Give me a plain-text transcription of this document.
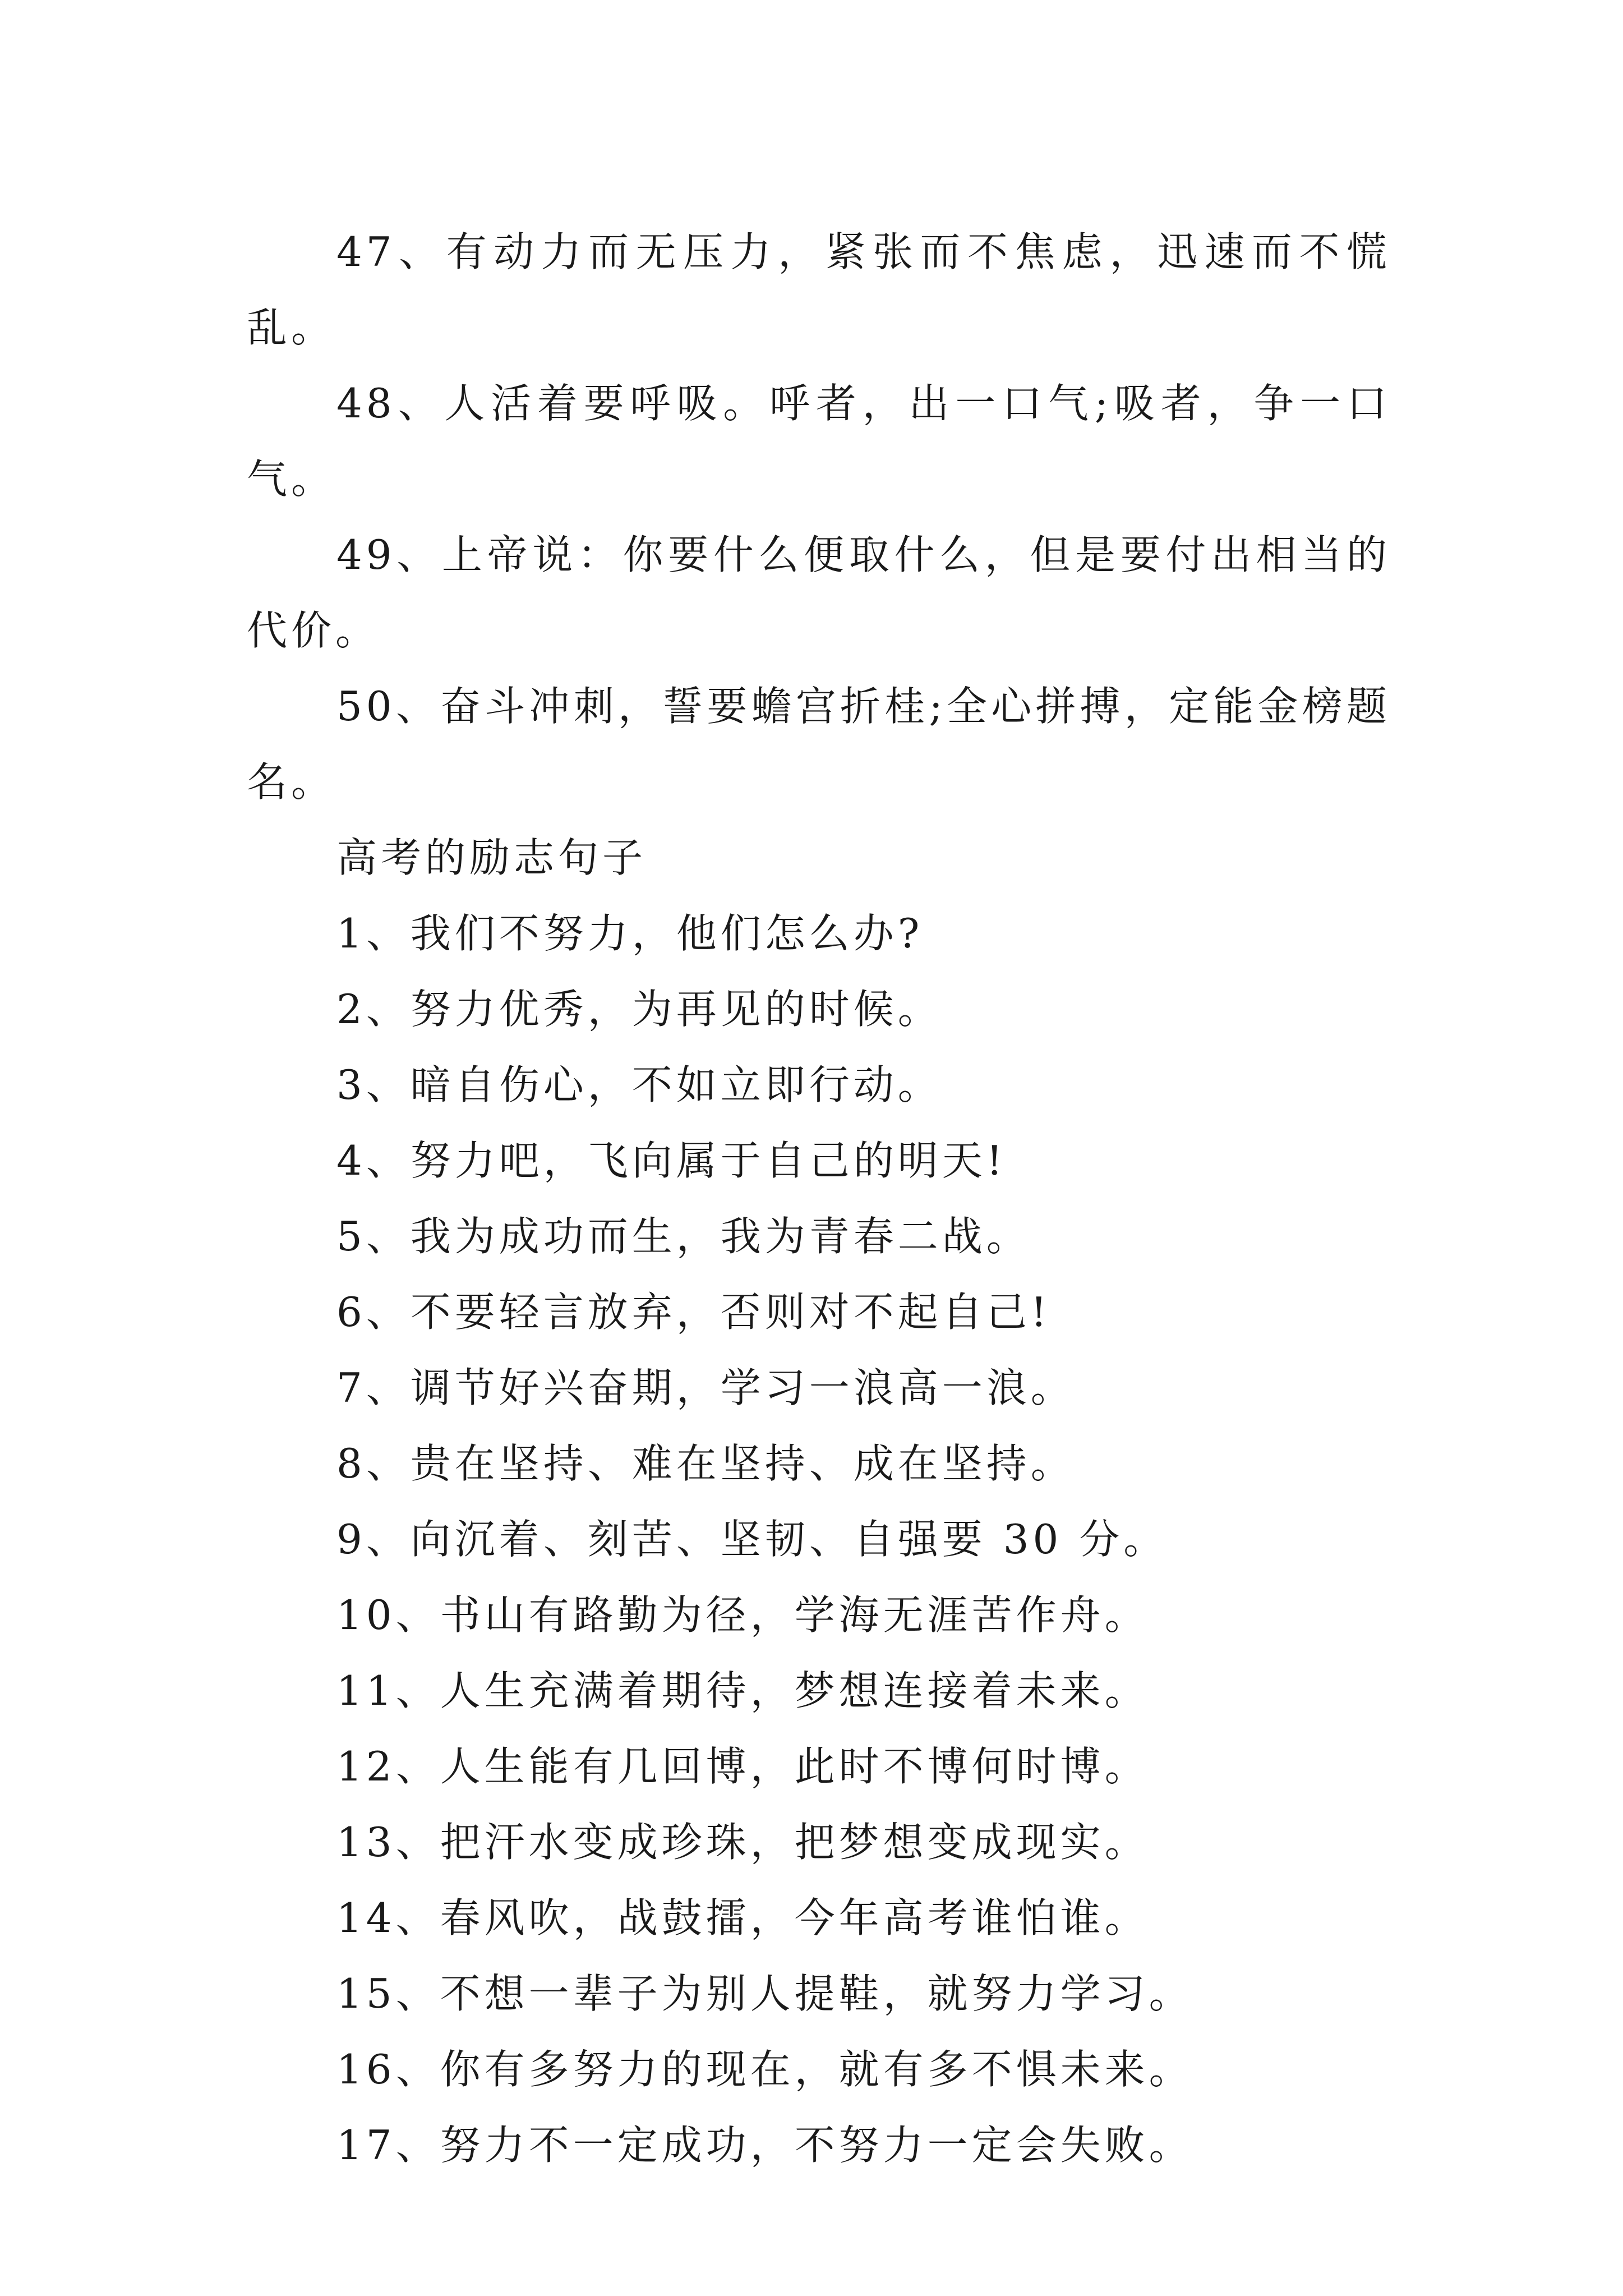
47、有动力而无压力，紧张而不焦虑，迅速而不慌乱。

48、人活着要呼吸。呼者，出一口气;吸者，争一口气。

49、上帝说：你要什么便取什么，但是要付出相当的代价。

50、奋斗冲刺，誓要蟾宫折桂;全心拼搏，定能金榜题名。

高考的励志句子

1、我们不努力，他们怎么办?

2、努力优秀，为再见的时候。

3、暗自伤心，不如立即行动。

4、努力吧，飞向属于自己的明天!

5、我为成功而生，我为青春二战。

6、不要轻言放弃，否则对不起自己!

7、调节好兴奋期，学习一浪高一浪。

8、贵在坚持、难在坚持、成在坚持。

9、向沉着、刻苦、坚韧、自强要 30 分。

10、书山有路勤为径，学海无涯苦作舟。

11、人生充满着期待，梦想连接着未来。

12、人生能有几回博，此时不博何时博。

13、把汗水变成珍珠，把梦想变成现实。

14、春风吹，战鼓擂，今年高考谁怕谁。

15、不想一辈子为别人提鞋，就努力学习。

16、你有多努力的现在，就有多不惧未来。

17、努力不一定成功，不努力一定会失败。
